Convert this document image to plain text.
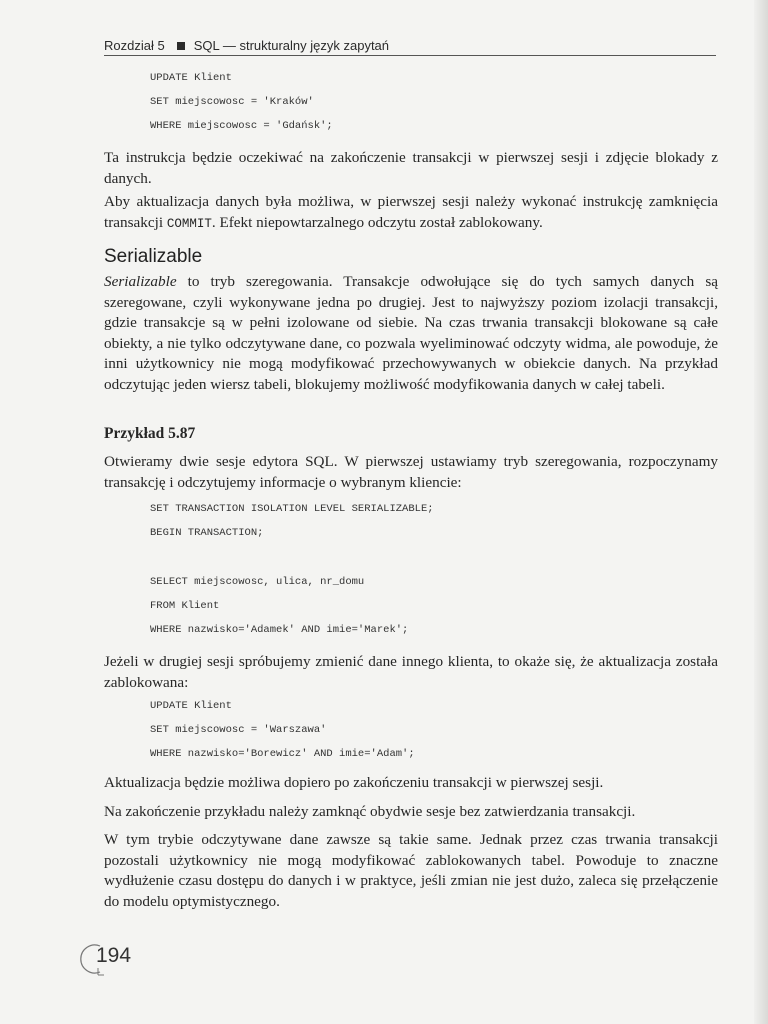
Rozdział 5 SQL — strukturalny język zapytań
UPDATE Klient
SET miejscowosc = 'Kraków'
WHERE miejscowosc = 'Gdańsk';

Ta instrukcja będzie oczekiwać na zakończenie transakcji w pierwszej sesji i zdjęcie blokady z danych.

Aby aktualizacja danych była możliwa, w pierwszej sesji należy wykonać instrukcję zamknięcia transakcji COMMIT. Efekt niepowtarzalnego odczytu został zablokowany.

Serializable

Serializable to tryb szeregowania. Transakcje odwołujące się do tych samych danych są szeregowane, czyli wykonywane jedna po drugiej. Jest to najwyższy poziom izolacji transakcji, gdzie transakcje są w pełni izolowane od siebie. Na czas trwania transakcji blokowane są całe obiekty, a nie tylko odczytywane dane, co pozwala wyeliminować odczyty widma, ale powoduje, że inni użytkownicy nie mogą modyfikować przechowywanych w obiekcie danych. Na przykład odczytując jeden wiersz tabeli, blokujemy możliwość modyfikowania danych w całej tabeli.

Przykład 5.87

Otwieramy dwie sesje edytora SQL. W pierwszej ustawiamy tryb szeregowania, rozpoczynamy transakcję i odczytujemy informacje o wybranym kliencie:

SET TRANSACTION ISOLATION LEVEL SERIALIZABLE;
BEGIN TRANSACTION;
SELECT miejscowosc, ulica, nr_domu
FROM Klient
WHERE nazwisko='Adamek' AND imie='Marek';

Jeżeli w drugiej sesji spróbujemy zmienić dane innego klienta, to okaże się, że aktualizacja została zablokowana:

UPDATE Klient
SET miejscowosc = 'Warszawa'
WHERE nazwisko='Borewicz' AND imie='Adam';

Aktualizacja będzie możliwa dopiero po zakończeniu transakcji w pierwszej sesji.

Na zakończenie przykładu należy zamknąć obydwie sesje bez zatwierdzania transakcji.

W tym trybie odczytywane dane zawsze są takie same. Jednak przez czas trwania transakcji pozostali użytkownicy nie mogą modyfikować zablokowanych tabel. Powoduje to znaczne wydłużenie czasu dostępu do danych i w praktyce, jeśli zmian nie jest dużo, zaleca się przełączenie do modelu optymistycznego.

194
